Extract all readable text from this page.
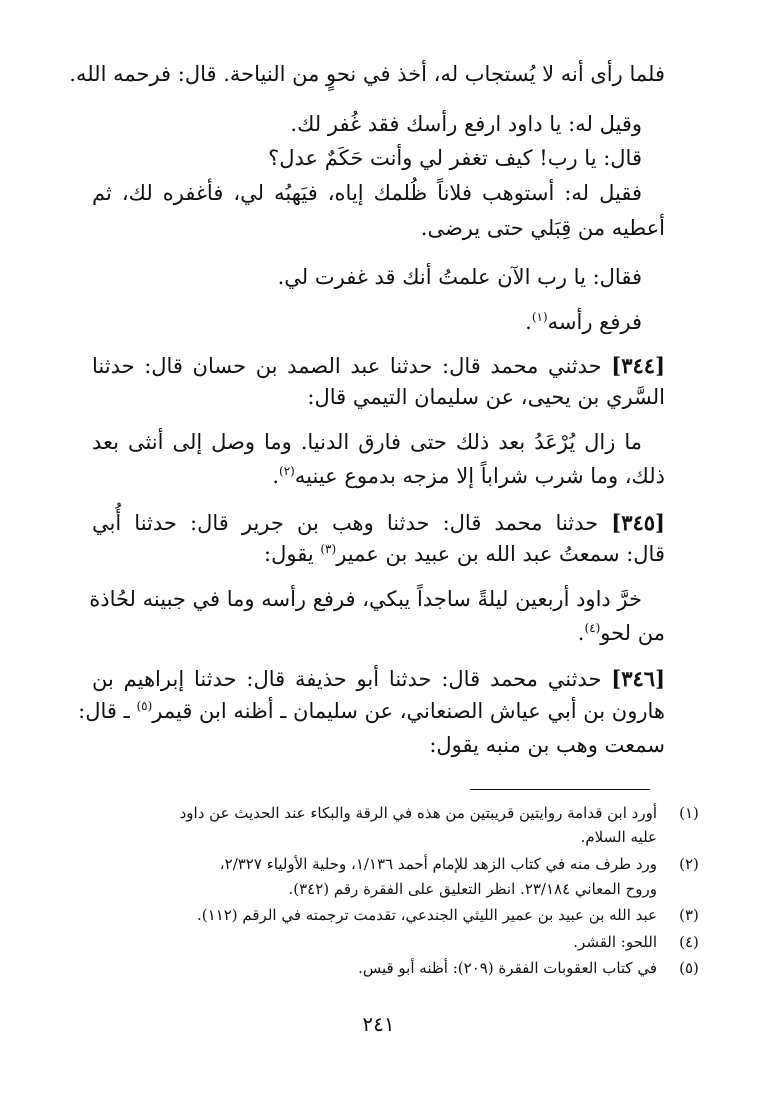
فلما رأى أنه لا يُستجاب له، أخذ في نحوٍ من النياحة. قال: فرحمه الله.
وقيل له: يا داود ارفع رأسك فقد غُفر لك.
قال: يا رب! كيف تغفر لي وأنت حَكَمٌ عدل؟
فقيل له: أستوهب فلاناً ظُلمك إياه، فيَهبُه لي، فأغفره لك، ثم
أعطيه من قِبَلي حتى يرضى.
فقال: يا رب الآن علمتُ أنك قد غفرت لي.
فرفع رأسه$^{(١)}$.
[٣٤٤] حدثني محمد قال: حدثنا عبد الصمد بن حسان قال: حدثنا
السَّري بن يحيى، عن سليمان التيمي قال:
ما زال يُرْعَدُ بعد ذلك حتى فارق الدنيا. وما وصل إلى أنثى بعد
ذلك، وما شرب شراباً إلا مزجه بدموع عينيه$^{(٢)}$.
[٣٤٥] حدثنا محمد قال: حدثنا وهب بن جرير قال: حدثنا أُبي
قال: سمعتُ عبد الله بن عبيد بن عمير$^{(٣)}$ يقول:
خرَّ داود أربعين ليلةً ساجداً يبكي، فرفع رأسه وما في جبينه لحُاذة
من لحو$^{(٤)}$.
[٣٤٦] حدثني محمد قال: حدثنا أبو حذيفة قال: حدثنا إبراهيم بن
هارون بن أبي عياش الصنعاني، عن سليمان ـ أظنه ابن قيمر$^{(٥)}$ ـ قال:
سمعت وهب بن منبه يقول:
(١)
أورد ابن قدامة روايتين قريبتين من هذه في الرقة والبكاء عند الحديث عن داود
عليه السلام.
(٢)
ورد طرف منه في كتاب الزهد للإمام أحمد ١/١٣٦، وحلية الأولياء ٢/٣٢٧،
وروح المعاني ٢٣/١٨٤. انظر التعليق على الفقرة رقم (٣٤٢).
(٣)
عبد الله بن عبيد بن عمير الليثي الجندعي، تقدمت ترجمته في الرقم (١١٢).
(٤)
اللحو: القشر.
(٥)
في كتاب العقوبات الفقرة (٢٠٩): أظنه أبو قيس.
٢٤١
